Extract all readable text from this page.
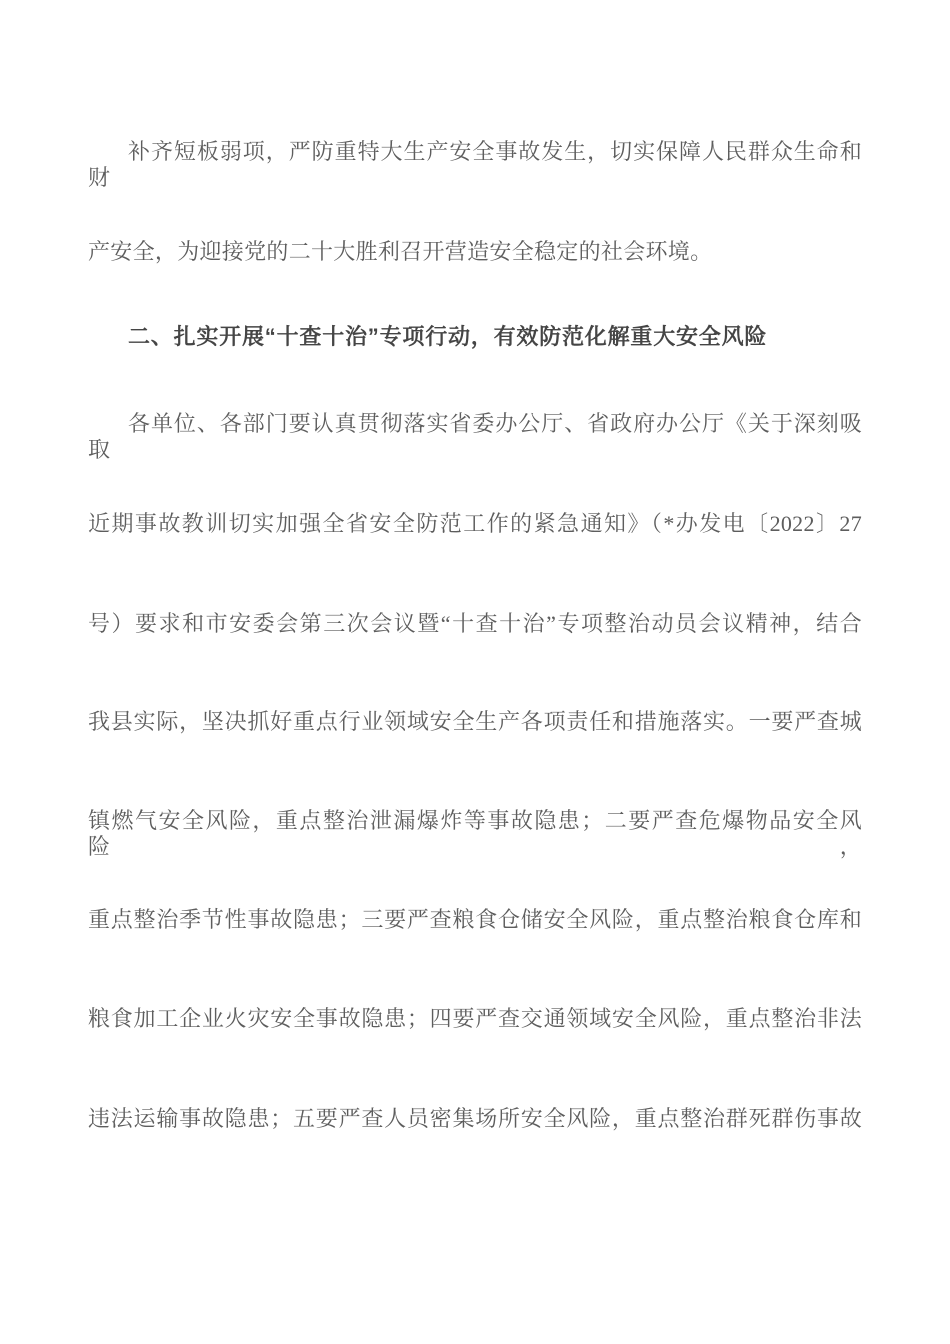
补齐短板弱项，严防重特大生产安全事故发生，切实保障人民群众生命和财
产安全，为迎接党的二十大胜利召开营造安全稳定的社会环境。
二、扎实开展“十查十治”专项行动，有效防范化解重大安全风险
各单位、各部门要认真贯彻落实省委办公厅、省政府办公厅《关于深刻吸取
近期事故教训切实加强全省安全防范工作的紧急通知》（*办发电〔2022〕27
号）要求和市安委会第三次会议暨“十查十治”专项整治动员会议精神，结合
我县实际，坚决抓好重点行业领域安全生产各项责任和措施落实。一要严查城
镇燃气安全风险，重点整治泄漏爆炸等事故隐患；二要严查危爆物品安全风险，
重点整治季节性事故隐患；三要严查粮食仓储安全风险，重点整治粮食仓库和
粮食加工企业火灾安全事故隐患；四要严查交通领域安全风险，重点整治非法
违法运输事故隐患；五要严查人员密集场所安全风险，重点整治群死群伤事故
